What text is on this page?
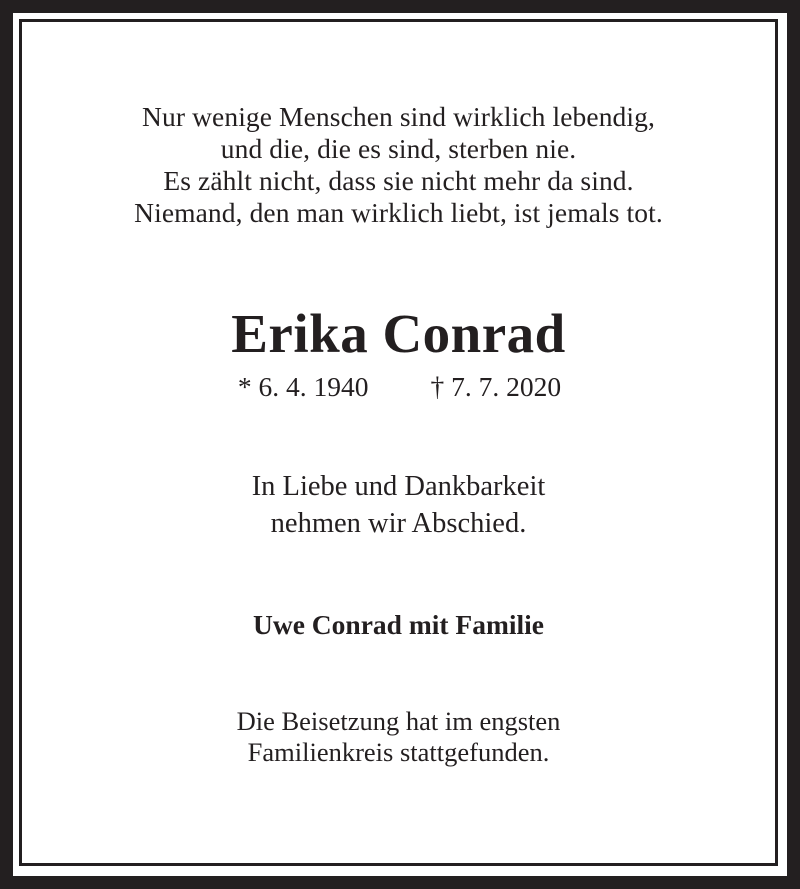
Nur wenige Menschen sind wirklich lebendig,
und die, die es sind, sterben nie.
Es zählt nicht, dass sie nicht mehr da sind.
Niemand, den man wirklich liebt, ist jemals tot.
Erika Conrad
* 6. 4. 1940 † 7. 7. 2020
In Liebe und Dankbarkeit
nehmen wir Abschied.
Uwe Conrad mit Familie
Die Beisetzung hat im engsten
Familienkreis stattgefunden.
